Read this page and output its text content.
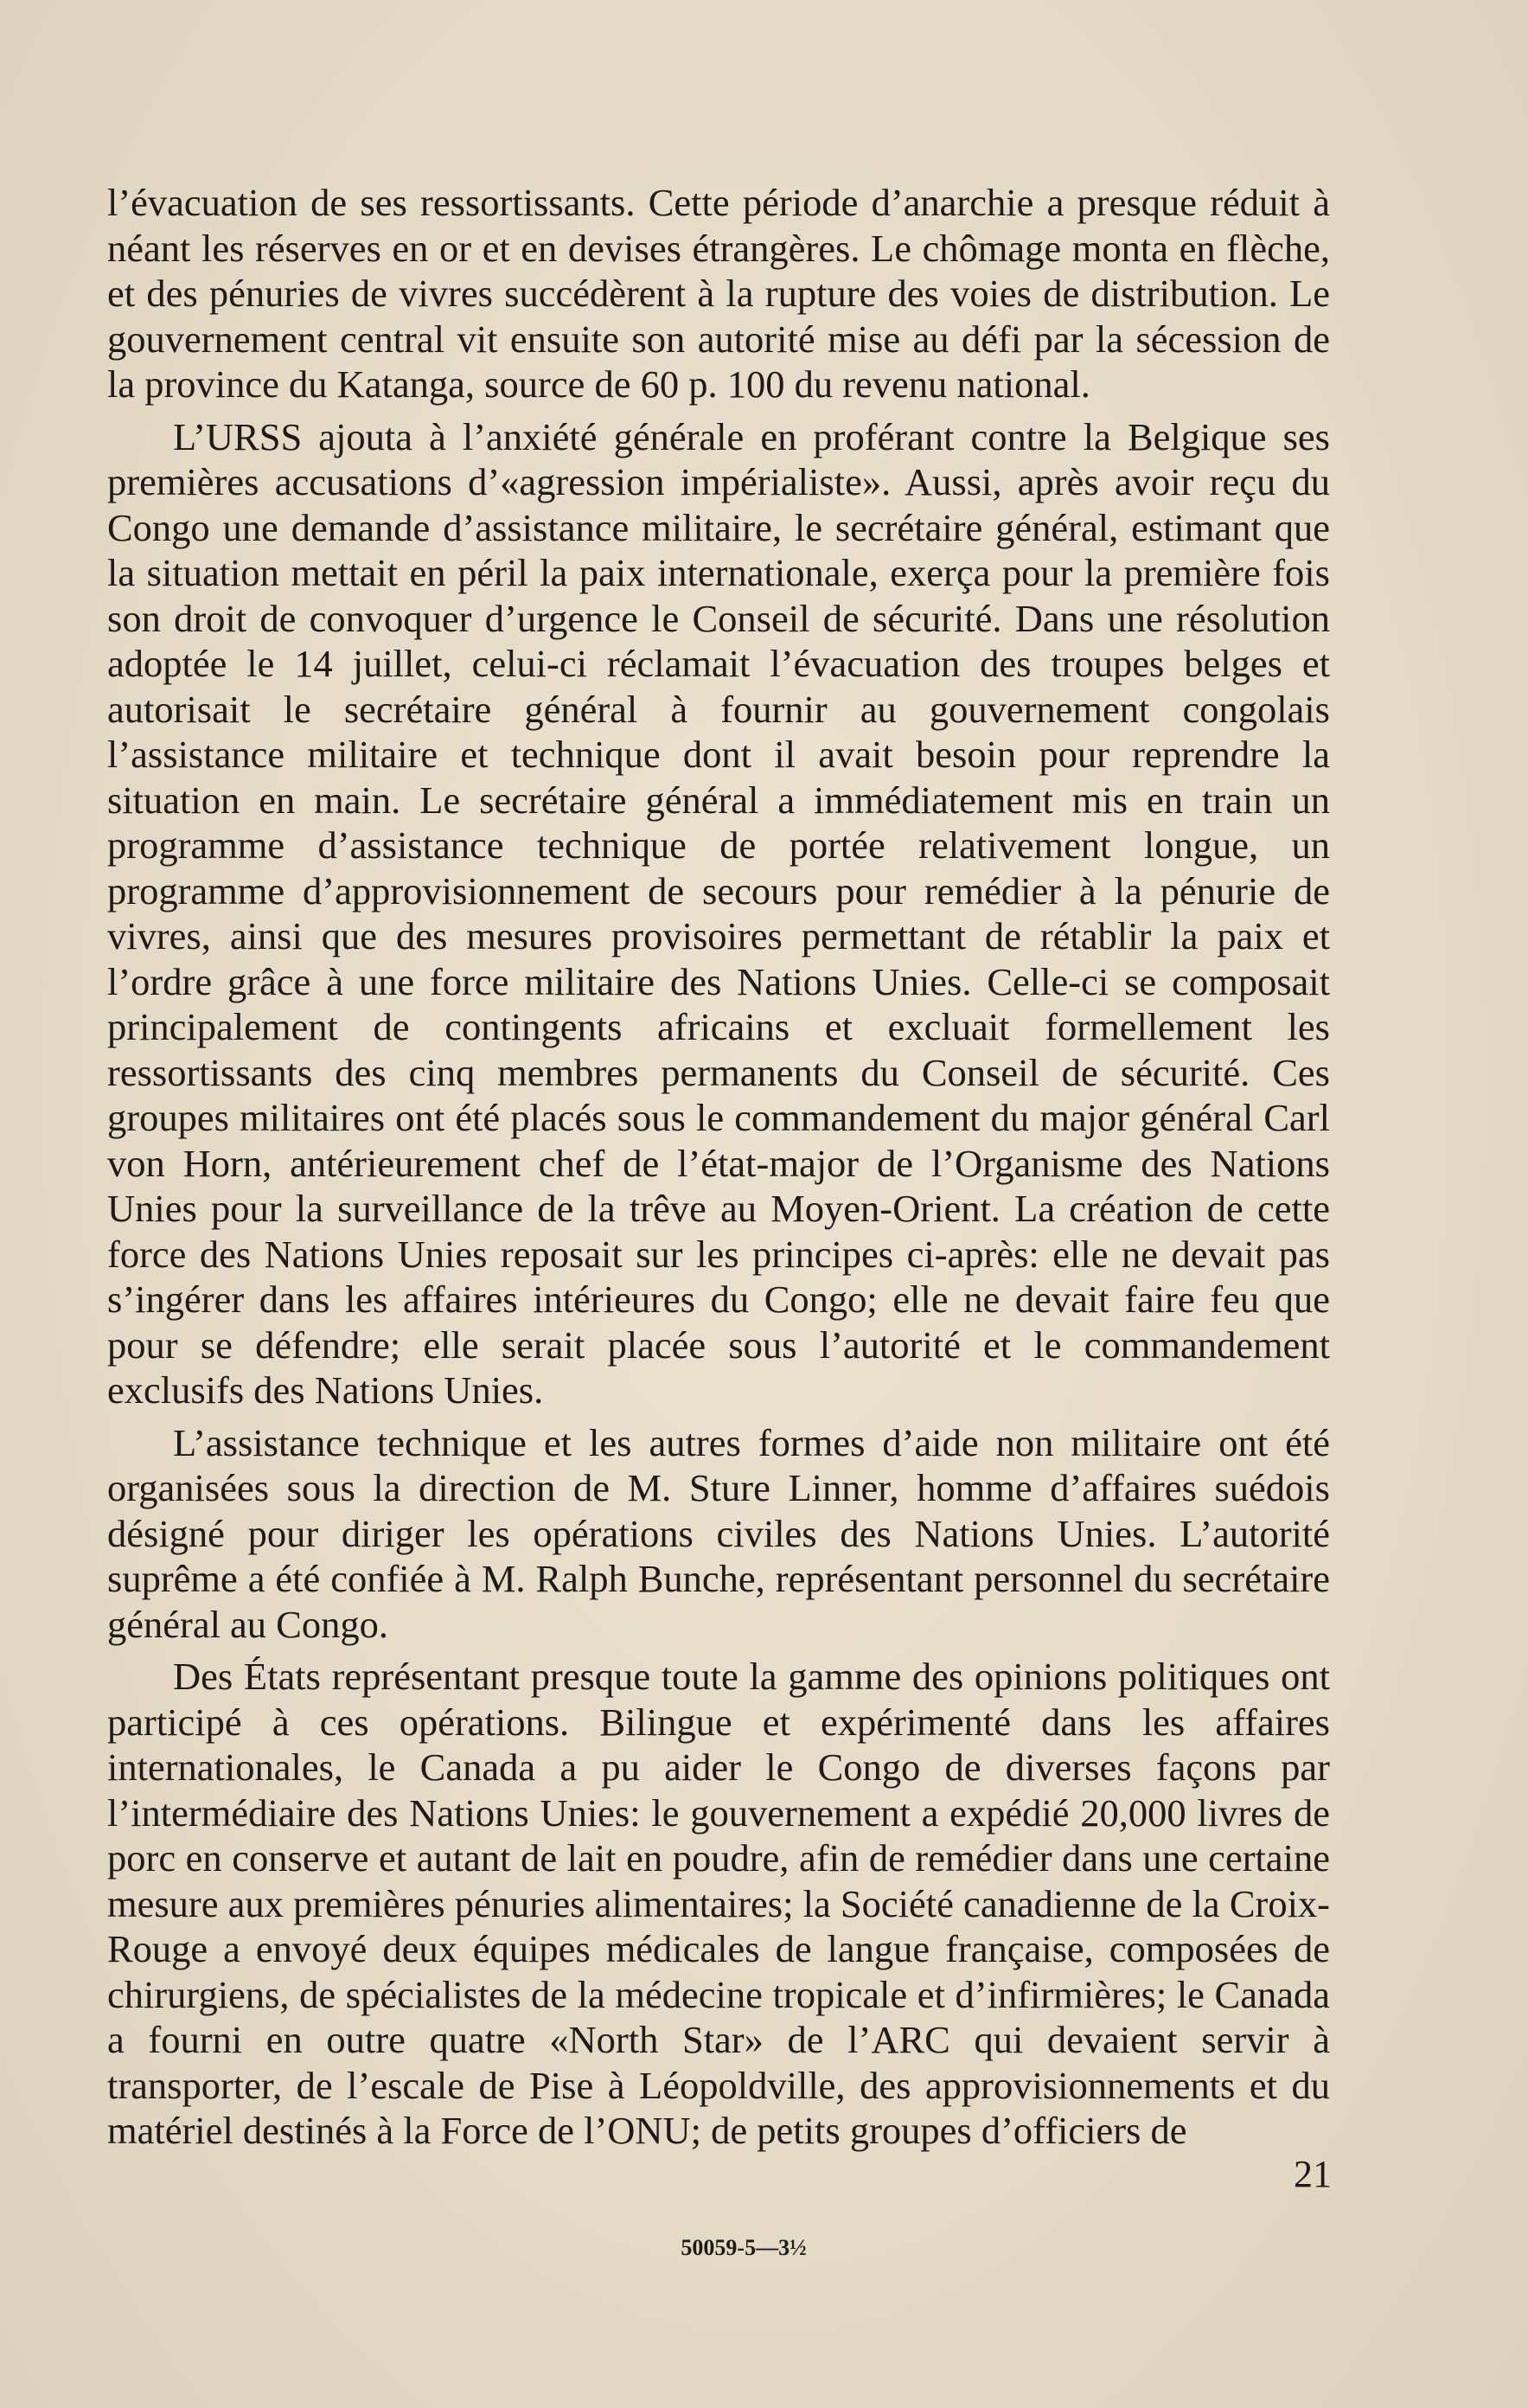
l’évacuation de ses ressortissants. Cette période d’anarchie a presque réduit à néant les réserves en or et en devises étrangères. Le chômage monta en flèche, et des pénuries de vivres succédèrent à la rupture des voies de distribution. Le gouvernement central vit ensuite son autorité mise au défi par la sécession de la province du Katanga, source de 60 p. 100 du revenu national.

L’URSS ajouta à l’anxiété générale en proférant contre la Belgique ses premières accusations d’«agression impérialiste». Aussi, après avoir reçu du Congo une demande d’assistance militaire, le secrétaire général, estimant que la situation mettait en péril la paix internationale, exerça pour la première fois son droit de convoquer d’urgence le Conseil de sécurité. Dans une résolution adoptée le 14 juillet, celui-ci réclamait l’évacuation des troupes belges et autorisait le secrétaire général à fournir au gouvernement congolais l’assistance militaire et technique dont il avait besoin pour reprendre la situation en main. Le secrétaire général a immédiatement mis en train un programme d’assistance technique de portée relativement longue, un programme d’approvisionnement de secours pour remédier à la pénurie de vivres, ainsi que des mesures provisoires permettant de rétablir la paix et l’ordre grâce à une force militaire des Nations Unies. Celle-ci se composait principalement de contingents africains et excluait formellement les ressortissants des cinq membres permanents du Conseil de sécurité. Ces groupes militaires ont été placés sous le commandement du major général Carl von Horn, antérieurement chef de l’état-major de l’Organisme des Nations Unies pour la surveillance de la trêve au Moyen-Orient. La création de cette force des Nations Unies reposait sur les principes ci-après: elle ne devait pas s’ingérer dans les affaires intérieures du Congo; elle ne devait faire feu que pour se défendre; elle serait placée sous l’autorité et le commandement exclusifs des Nations Unies.

L’assistance technique et les autres formes d’aide non militaire ont été organisées sous la direction de M. Sture Linner, homme d’affaires suédois désigné pour diriger les opérations civiles des Nations Unies. L’autorité suprême a été confiée à M. Ralph Bunche, représentant personnel du secrétaire général au Congo.

Des États représentant presque toute la gamme des opinions politiques ont participé à ces opérations. Bilingue et expérimenté dans les affaires internationales, le Canada a pu aider le Congo de diverses façons par l’intermédiaire des Nations Unies: le gouvernement a expédié 20,000 livres de porc en conserve et autant de lait en poudre, afin de remédier dans une certaine mesure aux premières pénuries alimentaires; la Société canadienne de la Croix-Rouge a envoyé deux équipes médicales de langue française, composées de chirurgiens, de spécialistes de la médecine tropicale et d’infirmières; le Canada a fourni en outre quatre «North Star» de l’ARC qui devaient servir à transporter, de l’escale de Pise à Léopoldville, des approvisionnements et du matériel destinés à la Force de l’ONU; de petits groupes d’officiers de

21
50059-5—3½
